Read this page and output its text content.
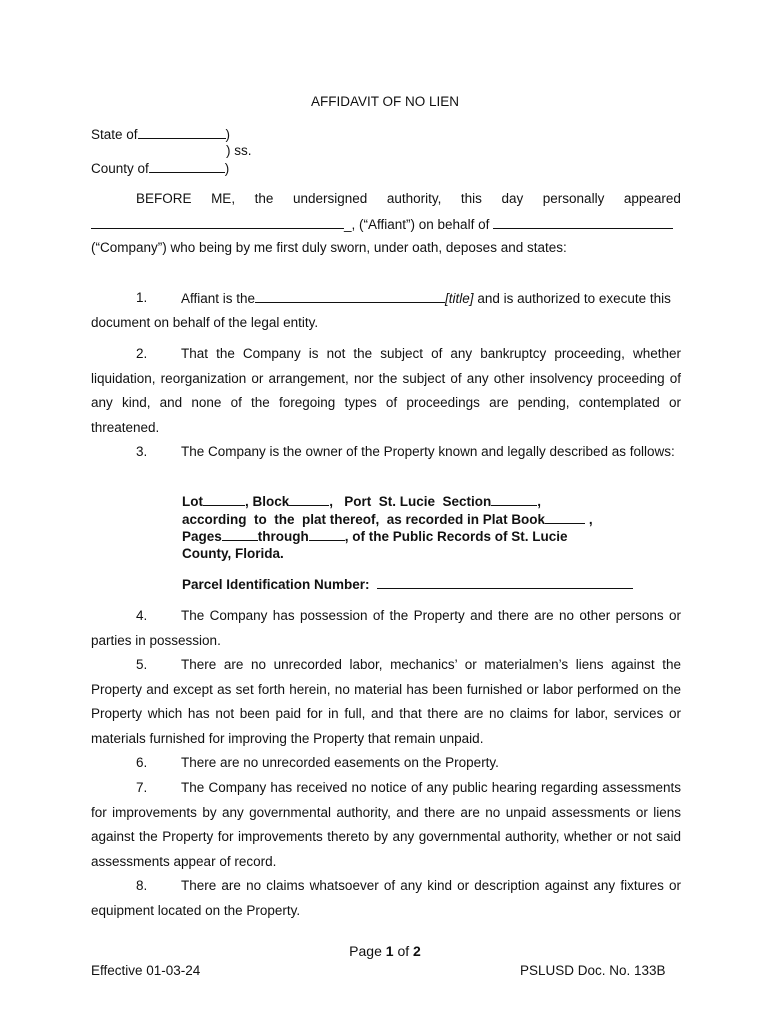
AFFIDAVIT OF NO LIEN
State of	)
) ss.
County of	)
BEFORE ME, the undersigned authority, this day personally appeared
_, (“Affiant”) on behalf of
(“Company”) who being by me first duly sworn, under oath, deposes and states:
1. Affiant is the	[title] and is authorized to execute this
document on behalf of the legal entity.
2. That the Company is not the subject of any bankruptcy proceeding, whether liquidation, reorganization or arrangement, nor the subject of any other insolvency proceeding of any kind, and none of the foregoing types of proceedings are pending, contemplated or threatened.
3. The Company is the owner of the Property known and legally described as follows:
Lot	, Block	,   Port  St. Lucie  Section	,
according  to  the  plat thereof,  as recorded in Plat Book	,
Pages	through	, of the Public Records of St. Lucie
County, Florida.
Parcel Identification Number:
4. The Company has possession of the Property and there are no other persons or parties in possession.
5. There are no unrecorded labor, mechanics’ or materialmen’s liens against the Property and except as set forth herein, no material has been furnished or labor performed on the Property which has not been paid for in full, and that there are no claims for labor, services or materials furnished for improving the Property that remain unpaid.
6. There are no unrecorded easements on the Property.
7. The Company has received no notice of any public hearing regarding assessments for improvements by any governmental authority, and there are no unpaid assessments or liens against the Property for improvements thereto by any governmental authority, whether or not said assessments appear of record.
8. There are no claims whatsoever of any kind or description against any fixtures or equipment located on the Property.
Page 1 of 2
Effective 01-03-24	PSLUSD Doc. No. 133B
